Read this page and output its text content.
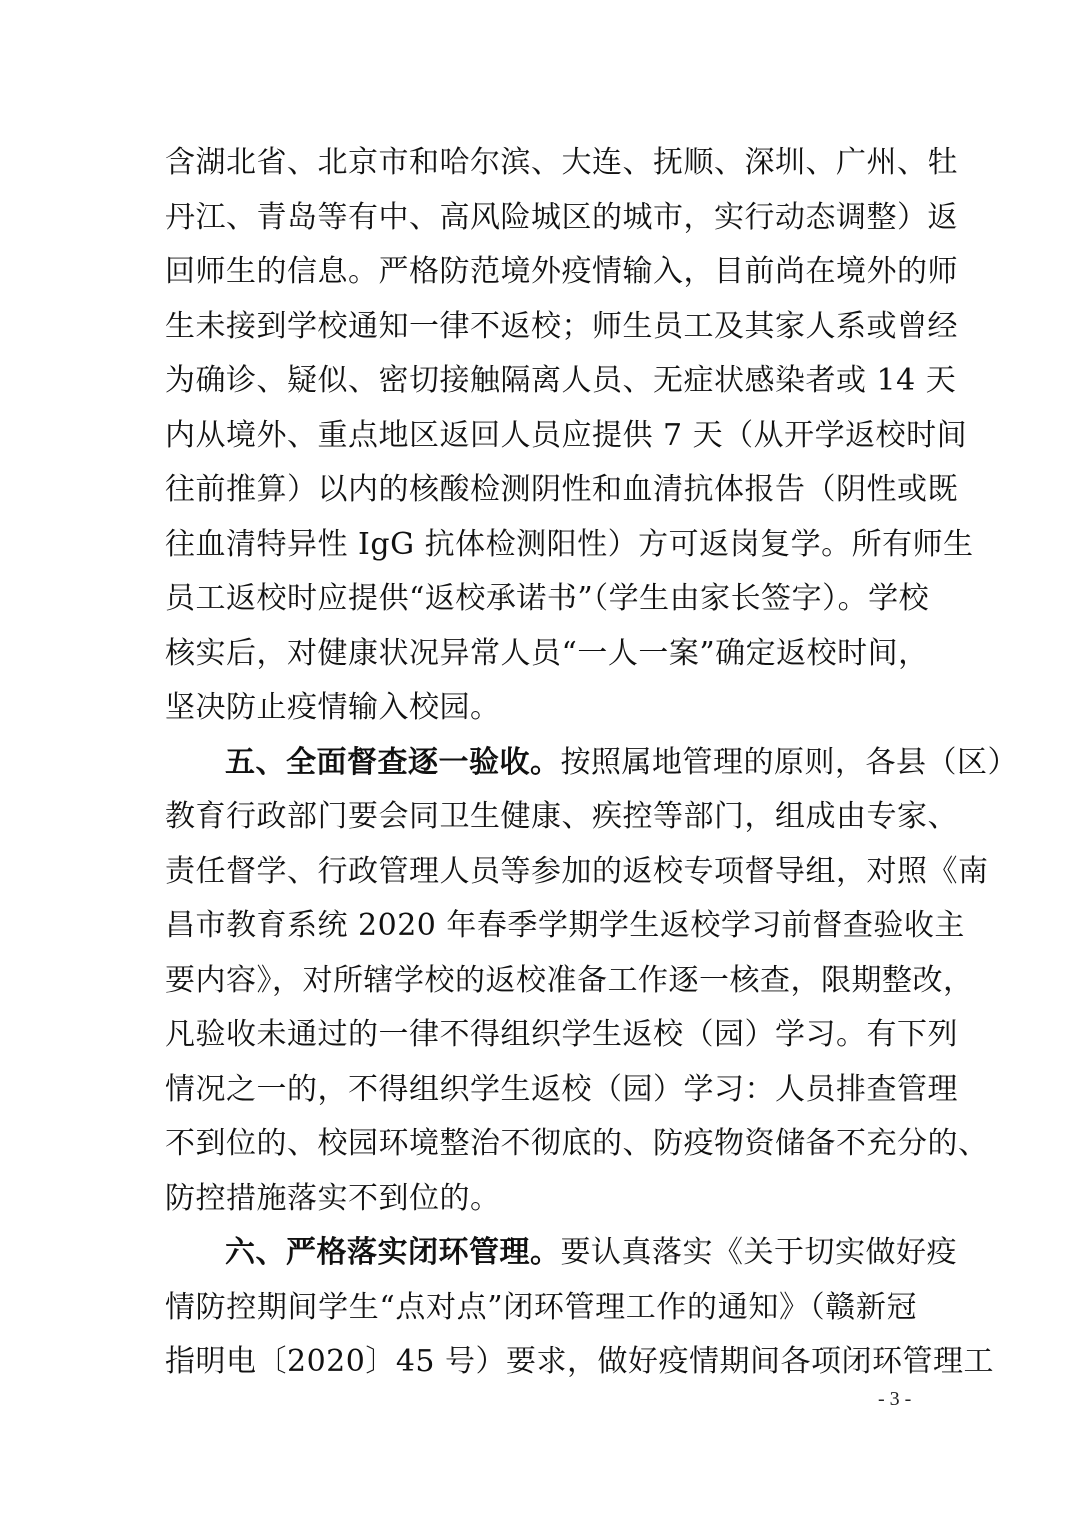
含湖北省、北京市和哈尔滨、大连、抚顺、深圳、广州、牡
丹江、青岛等有中、高风险城区的城市，实行动态调整）返
回师生的信息。严格防范境外疫情输入，目前尚在境外的师
生未接到学校通知一律不返校；师生员工及其家人系或曾经
为确诊、疑似、密切接触隔离人员、无症状感染者或 14 天
内从境外、重点地区返回人员应提供 7 天（从开学返校时间
往前推算）以内的核酸检测阴性和血清抗体报告（阴性或既
往血清特异性 IgG 抗体检测阳性）方可返岗复学。所有师生
员工返校时应提供“返校承诺书”（学生由家长签字）。学校
核实后，对健康状况异常人员“一人一案”确定返校时间，
坚决防止疫情输入校园。
五、全面督查逐一验收。按照属地管理的原则，各县（区）
教育行政部门要会同卫生健康、疾控等部门，组成由专家、
责任督学、行政管理人员等参加的返校专项督导组，对照《南
昌市教育系统 2020 年春季学期学生返校学习前督查验收主
要内容》，对所辖学校的返校准备工作逐一核查，限期整改，
凡验收未通过的一律不得组织学生返校（园）学习。有下列
情况之一的，不得组织学生返校（园）学习：人员排查管理
不到位的、校园环境整治不彻底的、防疫物资储备不充分的、
防控措施落实不到位的。
六、严格落实闭环管理。要认真落实《关于切实做好疫
情防控期间学生“点对点”闭环管理工作的通知》（赣新冠
指明电〔2020〕45 号）要求，做好疫情期间各项闭环管理工
- 3 -
